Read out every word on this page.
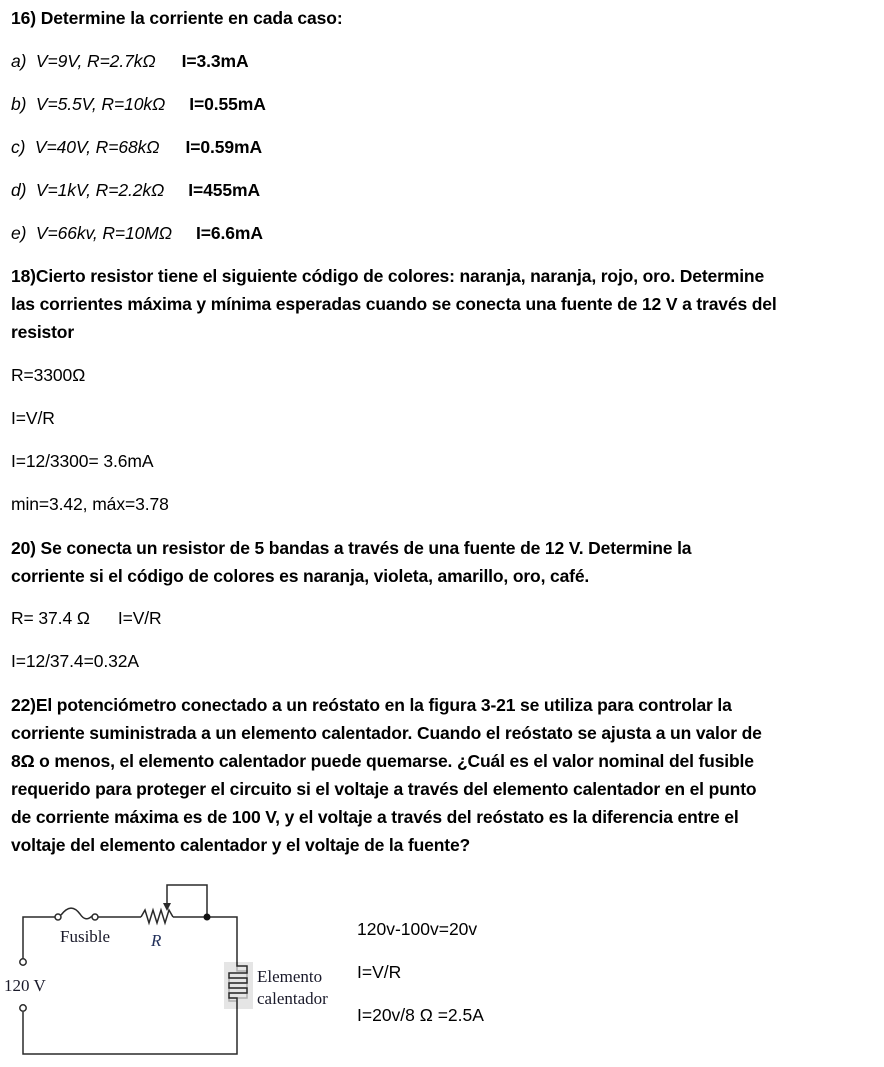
16) Determine la corriente en cada caso:
a) V=9V, R=2.7kΩ I=3.3mA
b) V=5.5V, R=10kΩ I=0.55mA
c) V=40V, R=68kΩ I=0.59mA
d) V=1kV, R=2.2kΩ I=455mA
e) V=66kv, R=10MΩ I=6.6mA
18)Cierto resistor tiene el siguiente código de colores: naranja, naranja, rojo, oro. Determine
las corrientes máxima y mínima esperadas cuando se conecta una fuente de 12 V a través del
resistor
R=3300Ω
I=V/R
I=12/3300= 3.6mA
min=3.42, máx=3.78
20) Se conecta un resistor de 5 bandas a través de una fuente de 12 V. Determine la
corriente si el código de colores es naranja, violeta, amarillo, oro, café.
R= 37.4 Ω I=V/R
I=12/37.4=0.32A
22)El potenciómetro conectado a un reóstato en la figura 3-21 se utiliza para controlar la
corriente suministrada a un elemento calentador. Cuando el reóstato se ajusta a un valor de
8Ω o menos, el elemento calentador puede quemarse. ¿Cuál es el valor nominal del fusible
requerido para proteger el circuito si el voltaje a través del elemento calentador en el punto
de corriente máxima es de 100 V, y el voltaje a través del reóstato es la diferencia entre el
voltaje del elemento calentador y el voltaje de la fuente?
Fusible R
120 V	Elemento
calentador
120v-100v=20v
I=V/R
I=20v/8 Ω =2.5A
